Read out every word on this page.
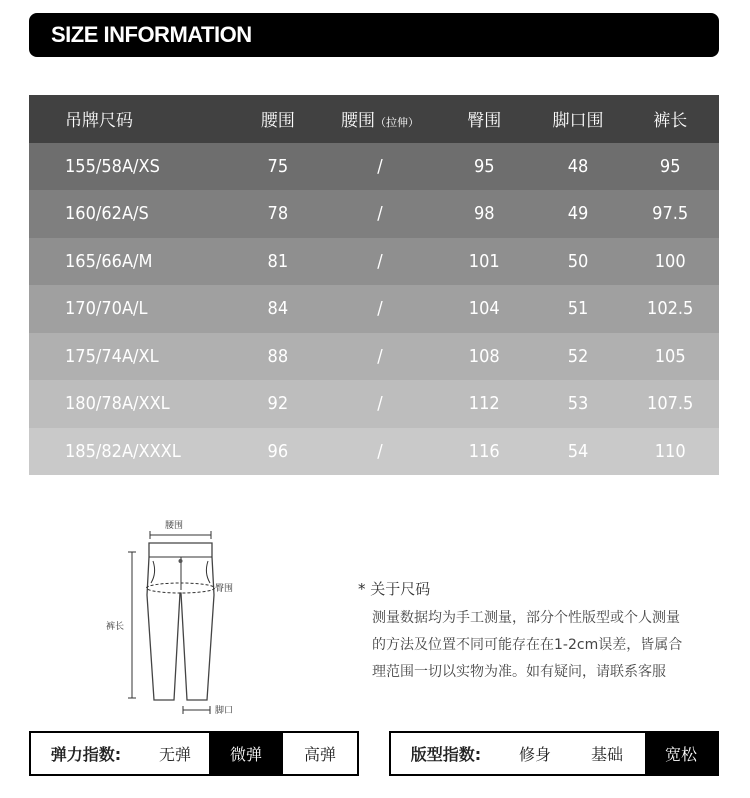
SIZE INFORMATION
吊牌尺码	腰围	腰围（拉伸）	臀围	脚口围	裤长
155/58A/XS	75	/	95	48	95
160/62A/S	78	/	98	49	97.5
165/66A/M	81	/	101	50	100
170/70A/L	84	/	104	51	102.5
175/74A/XL	88	/	108	52	105
180/78A/XXL	92	/	112	53	107.5
185/82A/XXXL	96	/	116	54	110
腰围
臀围
裤长
脚口
* 关于尺码
测量数据均为手工测量，部分个性版型或个人测量
的方法及位置不同可能存在在1-2cm误差，皆属合
理范围一切以实物为准。如有疑问，请联系客服
弹力指数:	无弹	微弹	高弹	版型指数:	修身	基础	宽松
